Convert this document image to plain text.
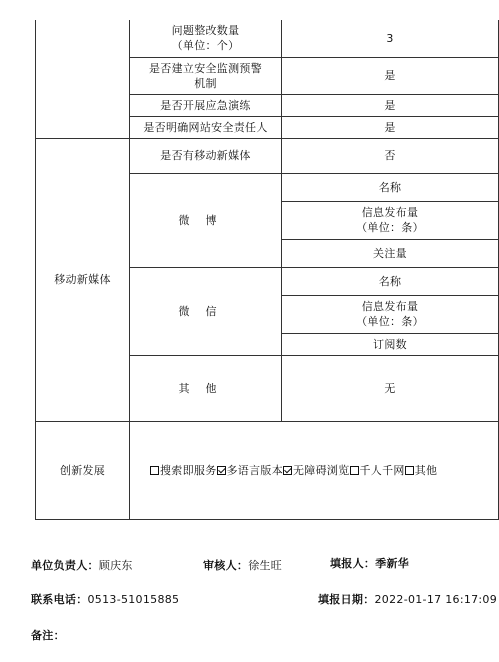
	问题整改数量
（单位：个）	3	

	是否建立安全监测预警
机制	是	
	是否开展应急演练	是	
	是否明确网站安全责任人	是	
移动新媒体	是否有移动新媒体	否	
	微博	名称	

		信息发布量
（单位：条）

		关注量	
	微信	名称	

		信息发布量
（单位：条）

		订阅数	
	其他	无	
创新发展	搜索即服务 多语言版本 无障碍浏览 千人千网 其他		
单位负责人：顾庆东	审核人：徐生旺	填报人：季新华
联系电话：0513-51015885	填报日期：2022-01-17 16:17:09
备注：
